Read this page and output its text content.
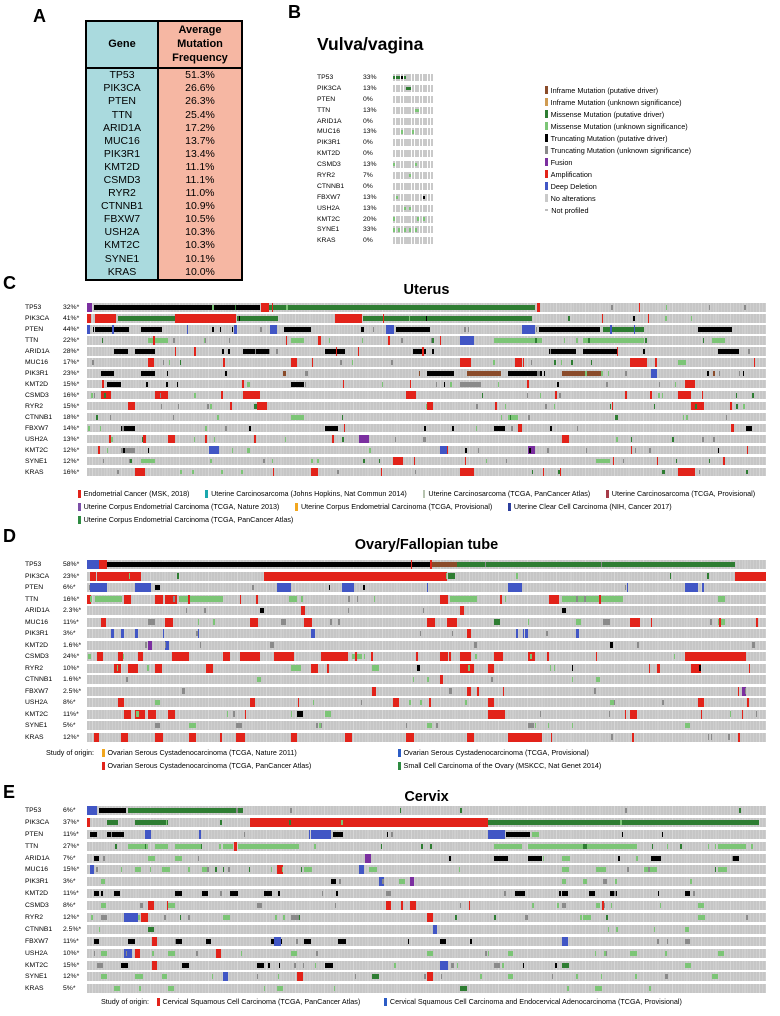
A
Gene	Average Mutation Frequency
TP53	51.3%
PIK3CA	26.6%
PTEN	26.3%
TTN	25.4%
ARID1A	17.2%
MUC16	13.7%
PIK3R1	13.4%
KMT2D	11.1%
CSMD3	11.1%
RYR2	11.0%
CTNNB1	10.9%
FBXW7	10.5%
USH2A	10.3%
KMT2C	10.3%
SYNE1	10.1%
KRAS	10.0%
B
Vulva/vagina
TP53	33%
PIK3CA	13%
PTEN	0%
TTN	13%
ARID1A	0%
MUC16	13%
PIK3R1	0%
KMT2D	0%
CSMD3	13%
RYR2	7%
CTNNB1	0%
FBXW7	13%
USH2A	13%
KMT2C	20%
SYNE1	33%
KRAS	0%
Inframe Mutation (putative driver)
Inframe Mutation (unknown significance)
Missense Mutation (putative driver)
Missense Mutation (unknown significance)
Truncating Mutation (putative driver)
Truncating Mutation (unknown significance)
Fusion
Amplification
Deep Deletion
No alterations
Not profiled
C	Uterus
TP53	32%*
PIK3CA	41%*
PTEN	44%*
TTN	22%*
ARID1A	28%*
MUC16	17%*
PIK3R1	23%*
KMT2D	15%*
CSMD3	16%*
RYR2	15%*
CTNNB1	18%*
FBXW7	14%*
USH2A	13%*
KMT2C	12%*
SYNE1	12%*
KRAS	16%*
Endometrial Cancer (MSK, 2018)	Uterine Carcinosarcoma (Johns Hopkins, Nat Commun 2014)	Uterine Carcinosarcoma (TCGA, PanCancer Atlas)	Uterine Carcinosarcoma (TCGA, Provisional)
Uterine Corpus Endometrial Carcinoma (TCGA, Nature 2013)	Uterine Corpus Endometrial Carcinoma (TCGA, Provisional)	Uterine Clear Cell Carcinoma (NIH, Cancer 2017)
Uterine Corpus Endometrial Carcinoma (TCGA, PanCancer Atlas)
D	Ovary/Fallopian tube
TP53	58%*
PIK3CA	23%*
PTEN	6%*
TTN	16%*
ARID1A	2.3%*
MUC16	11%*
PIK3R1	3%*
KMT2D	1.6%*
CSMD3	24%*
RYR2	10%*
CTNNB1	1.6%*
FBXW7	2.5%*
USH2A	8%*
KMT2C	11%*
SYNE1	5%*
KRAS	12%*
Study of origin: Ovarian Serous Cystadenocarcinoma (TCGA, Nature 2011)	Ovarian Serous Cystadenocarcinoma (TCGA, Provisional)
Ovarian Serous Cystadenocarcinoma (TCGA, PanCancer Atlas)	Small Cell Carcinoma of the Ovary (MSKCC, Nat Genet 2014)
E	Cervix
TP53	6%*
PIK3CA	37%*
PTEN	11%*
TTN	27%*
ARID1A	7%*
MUC16	15%*
PIK3R1	3%*
KMT2D	11%*
CSMD3	8%*
RYR2	12%*
CTNNB1	2.5%*
FBXW7	11%*
USH2A	10%*
KMT2C	15%*
SYNE1	12%*
KRAS	5%*
Study of origin: Cervical Squamous Cell Carcinoma (TCGA, PanCancer Atlas)	Cervical Squamous Cell Carcinoma and Endocervical Adenocarcinoma (TCGA, Provisional)
